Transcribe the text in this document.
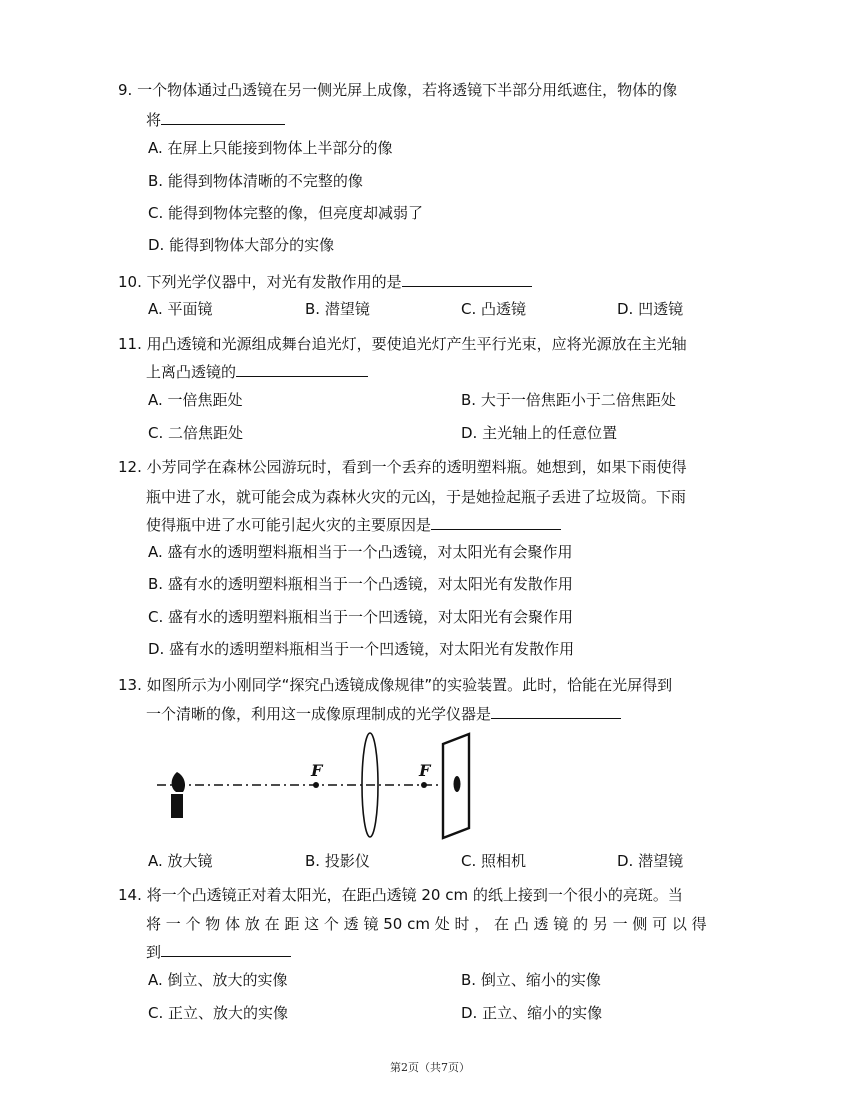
9. 一个物体通过凸透镜在另一侧光屏上成像，若将透镜下半部分用纸遮住，物体的像
将
A. 在屏上只能接到物体上半部分的像
B. 能得到物体清晰的不完整的像
C. 能得到物体完整的像，但亮度却减弱了
D. 能得到物体大部分的实像
10. 下列光学仪器中，对光有发散作用的是
A. 平面镜	B. 潜望镜	C. 凸透镜	D. 凹透镜
11. 用凸透镜和光源组成舞台追光灯，要使追光灯产生平行光束，应将光源放在主光轴
上离凸透镜的
A. 一倍焦距处	B. 大于一倍焦距小于二倍焦距处
C. 二倍焦距处	D. 主光轴上的任意位置
12. 小芳同学在森林公园游玩时，看到一个丢弃的透明塑料瓶。她想到，如果下雨使得
瓶中进了水，就可能会成为森林火灾的元凶，于是她捡起瓶子丢进了垃圾筒。下雨
使得瓶中进了水可能引起火灾的主要原因是
A. 盛有水的透明塑料瓶相当于一个凸透镜，对太阳光有会聚作用
B. 盛有水的透明塑料瓶相当于一个凸透镜，对太阳光有发散作用
C. 盛有水的透明塑料瓶相当于一个凹透镜，对太阳光有会聚作用
D. 盛有水的透明塑料瓶相当于一个凹透镜，对太阳光有发散作用
13. 如图所示为小刚同学“探究凸透镜成像规律”的实验装置。此时，恰能在光屏得到
一个清晰的像，利用这一成像原理制成的光学仪器是
F	F
A. 放大镜	B. 投影仪	C. 照相机	D. 潜望镜
14. 将一个凸透镜正对着太阳光，在距凸透镜 20 cm 的纸上接到一个很小的亮斑。当
将 一 个 物 体 放 在 距 这 个 透 镜 50 cm 处 时 ， 在 凸 透 镜 的 另 一 侧 可 以 得
到
A. 倒立、放大的实像	B. 倒立、缩小的实像
C. 正立、放大的实像	D. 正立、缩小的实像
第2页（共7页）
